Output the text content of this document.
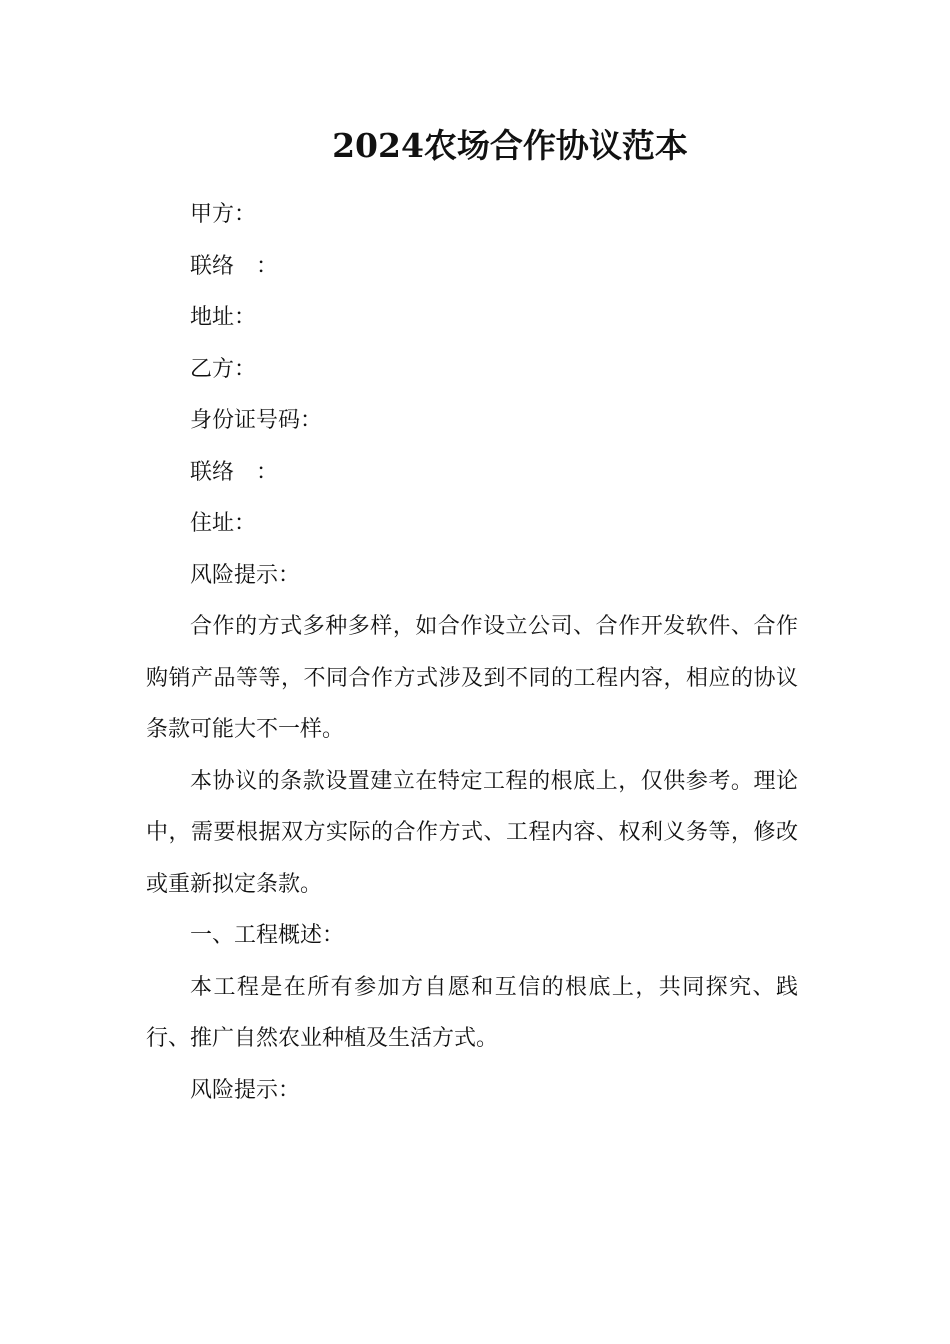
2024农场合作协议范本

甲方：

联络　：

地址：

乙方：

身份证号码：

联络　：

住址：

风险提示：

合作的方式多种多样，如合作设立公司、合作开发软件、合作购销产品等等，不同合作方式涉及到不同的工程内容，相应的协议条款可能大不一样。

本协议的条款设置建立在特定工程的根底上，仅供参考。理论中，需要根据双方实际的合作方式、工程内容、权利义务等，修改或重新拟定条款。

一、工程概述：

本工程是在所有参加方自愿和互信的根底上，共同探究、践行、推广自然农业种植及生活方式。

风险提示：
